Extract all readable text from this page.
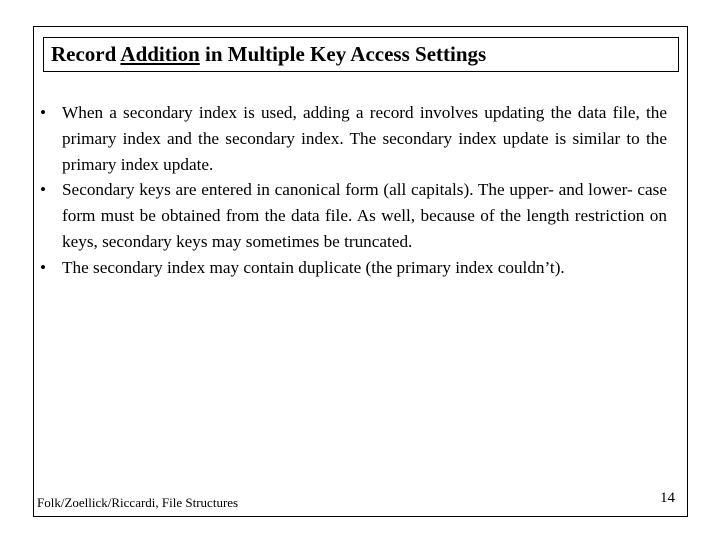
Record Addition in Multiple Key Access Settings
• When a secondary index is used, adding a record involves updating the data file, the primary index and the secondary index. The secondary index update is similar to the primary index update.
• Secondary keys are entered in canonical form (all capitals). The upper- and lower- case form must be obtained from the data file. As well, because of the length restriction on keys, secondary keys may sometimes be truncated.
• The secondary index may contain duplicate (the primary index couldn’t).
Folk/Zoellick/Riccardi, File Structures	14
